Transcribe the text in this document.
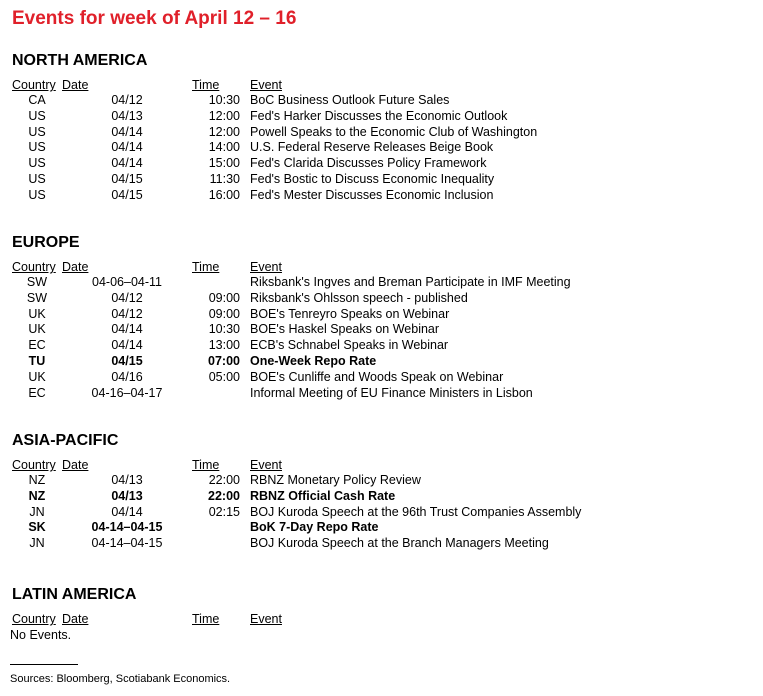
Events for week of April 12 – 16
NORTH AMERICA
Country	Date	Time	Event
CA	04/12	10:30	BoC Business Outlook Future Sales
US	04/13	12:00	Fed's Harker Discusses the Economic Outlook
US	04/14	12:00	Powell Speaks to the Economic Club of Washington
US	04/14	14:00	U.S. Federal Reserve Releases Beige Book
US	04/14	15:00	Fed's Clarida Discusses Policy Framework
US	04/15	11:30	Fed's Bostic to Discuss Economic Inequality
US	04/15	16:00	Fed's Mester Discusses Economic Inclusion
EUROPE
Country	Date	Time	Event
SW	04-06–04-11		Riksbank's Ingves and Breman Participate in IMF Meeting
SW	04/12	09:00	Riksbank's Ohlsson speech - published
UK	04/12	09:00	BOE's Tenreyro Speaks on Webinar
UK	04/14	10:30	BOE's Haskel Speaks on Webinar
EC	04/14	13:00	ECB's Schnabel Speaks in Webinar
TU	04/15	07:00	One-Week Repo Rate
UK	04/16	05:00	BOE's Cunliffe and Woods Speak on Webinar
EC	04-16–04-17		Informal Meeting of EU Finance Ministers in Lisbon
ASIA-PACIFIC
Country	Date	Time	Event
NZ	04/13	22:00	RBNZ Monetary Policy Review
NZ	04/13	22:00	RBNZ Official Cash Rate
JN	04/14	02:15	BOJ Kuroda Speech at the 96th Trust Companies Assembly
SK	04-14–04-15		BoK 7-Day Repo Rate
JN	04-14–04-15		BOJ Kuroda Speech at the Branch Managers Meeting
LATIN AMERICA
Country	Date	Time	Event
No Events.
Sources: Bloomberg, Scotiabank Economics.
